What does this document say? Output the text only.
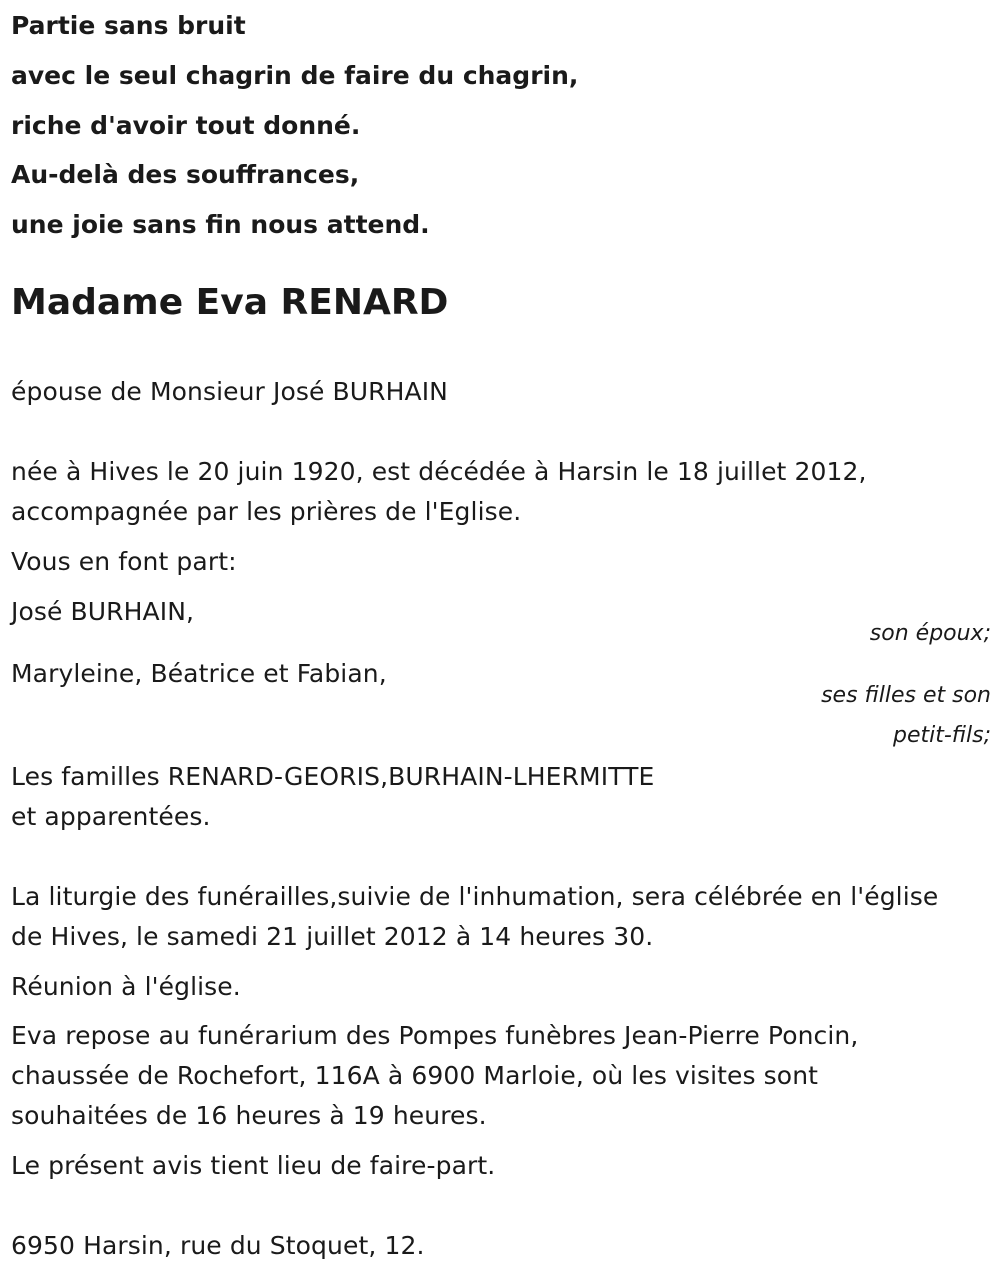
Partie sans bruit
avec le seul chagrin de faire du chagrin,
riche d'avoir tout donné.
Au-delà des souffrances,
une joie sans fin nous attend.
Madame Eva RENARD
épouse de Monsieur José BURHAIN
née à Hives le 20 juin 1920, est décédée à Harsin le 18 juillet 2012,
accompagnée par les prières de l'Eglise.
Vous en font part:
José BURHAIN,
son époux;
Maryleine, Béatrice et Fabian,
ses filles et son
petit-fils;
Les familles RENARD-GEORIS,BURHAIN-LHERMITTE
et apparentées.
La liturgie des funérailles,suivie de l'inhumation, sera célébrée en l'église
de Hives, le samedi 21 juillet 2012 à 14 heures 30.
Réunion à l'église.
Eva repose au funérarium des Pompes funèbres Jean-Pierre Poncin,
chaussée de Rochefort, 116A à 6900 Marloie, où les visites sont
souhaitées de 16 heures à 19 heures.
Le présent avis tient lieu de faire-part.
6950 Harsin, rue du Stoquet, 12.
